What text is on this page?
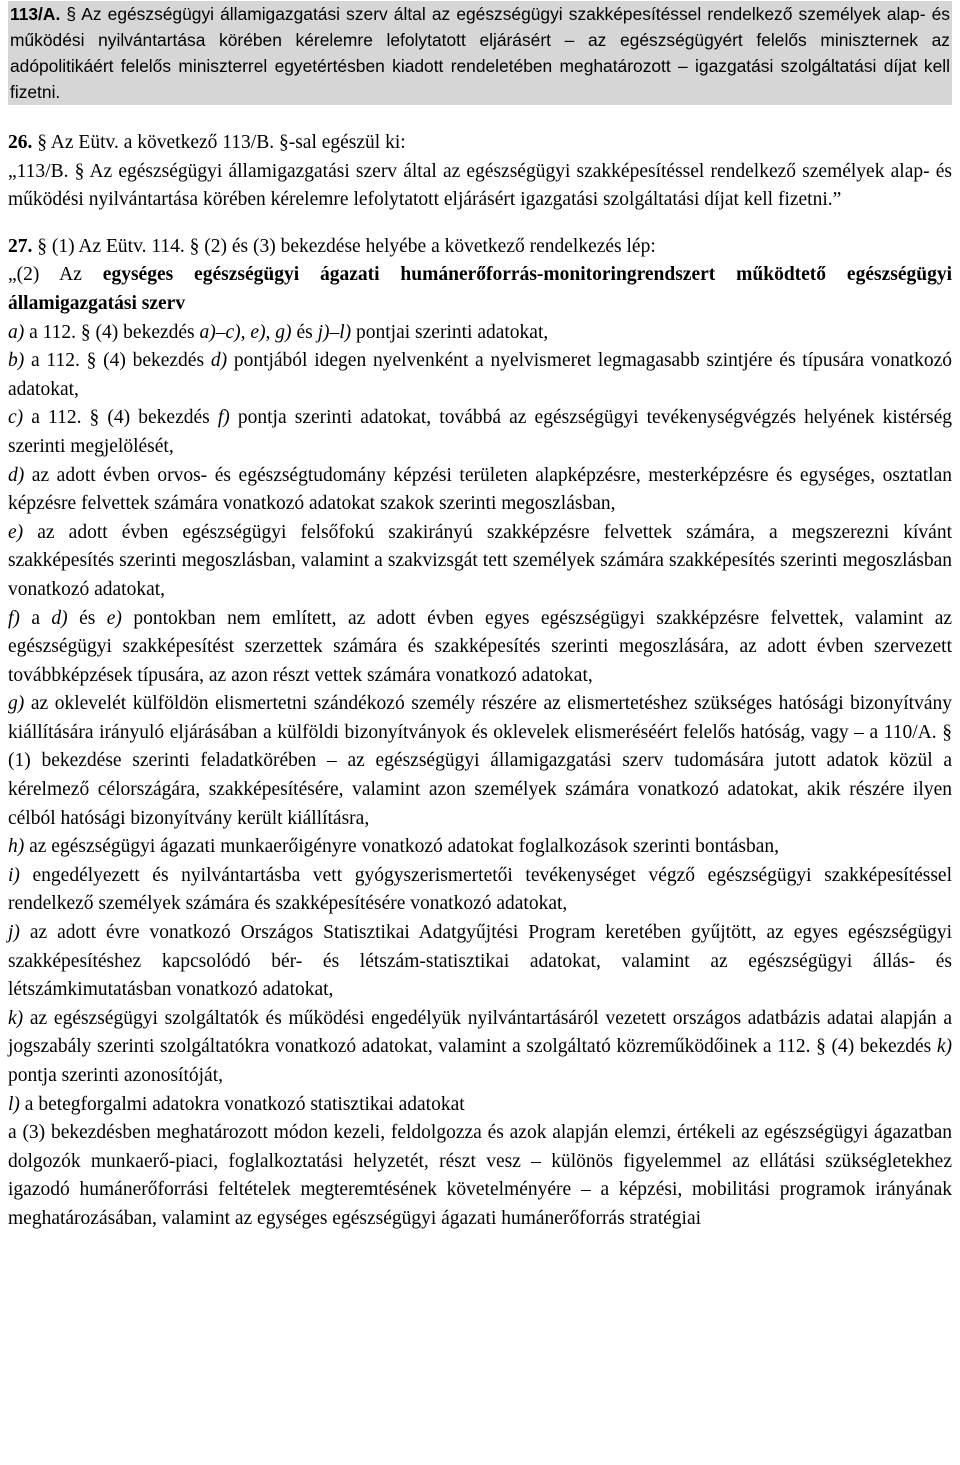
113/A. § Az egészségügyi államigazgatási szerv által az egészségügyi szakképesítéssel rendelkező személyek alap- és működési nyilvántartása körében kérelemre lefolytatott eljárásért – az egészségügyért felelős miniszternek az adópolitikáért felelős miniszterrel egyetértésben kiadott rendeletében meghatározott – igazgatási szolgáltatási díjat kell fizetni.

26. § Az Eütv. a következő 113/B. §-sal egészül ki:

„113/B. § Az egészségügyi államigazgatási szerv által az egészségügyi szakképesítéssel rendelkező személyek alap- és működési nyilvántartása körében kérelemre lefolytatott eljárásért igazgatási szolgáltatási díjat kell fizetni.”

27. § (1) Az Eütv. 114. § (2) és (3) bekezdése helyébe a következő rendelkezés lép:

„(2) Az egységes egészségügyi ágazati humánerőforrás-monitoringrendszert működtető egészségügyi államigazgatási szerv

a) a 112. § (4) bekezdés a)–c), e), g) és j)–l) pontjai szerinti adatokat,

b) a 112. § (4) bekezdés d) pontjából idegen nyelvenként a nyelvismeret legmagasabb szintjére és típusára vonatkozó adatokat,

c) a 112. § (4) bekezdés f) pontja szerinti adatokat, továbbá az egészségügyi tevékenységvégzés helyének kistérség szerinti megjelölését,

d) az adott évben orvos- és egészségtudomány képzési területen alapképzésre, mesterképzésre és egységes, osztatlan képzésre felvettek számára vonatkozó adatokat szakok szerinti megoszlásban,

e) az adott évben egészségügyi felsőfokú szakirányú szakképzésre felvettek számára, a megszerezni kívánt szakképesítés szerinti megoszlásban, valamint a szakvizsgát tett személyek számára szakképesítés szerinti megoszlásban vonatkozó adatokat,

f) a d) és e) pontokban nem említett, az adott évben egyes egészségügyi szakképzésre felvettek, valamint az egészségügyi szakképesítést szerzettek számára és szakképesítés szerinti megoszlására, az adott évben szervezett továbbképzések típusára, az azon részt vettek számára vonatkozó adatokat,

g) az oklevelét külföldön elismertetni szándékozó személy részére az elismertetéshez szükséges hatósági bizonyítvány kiállítására irányuló eljárásában a külföldi bizonyítványok és oklevelek elismeréséért felelős hatóság, vagy – a 110/A. § (1) bekezdése szerinti feladatkörében – az egészségügyi államigazgatási szerv tudomására jutott adatok közül a kérelmező célországára, szakképesítésére, valamint azon személyek számára vonatkozó adatokat, akik részére ilyen célból hatósági bizonyítvány került kiállításra,

h) az egészségügyi ágazati munkaerőigényre vonatkozó adatokat foglalkozások szerinti bontásban,

i) engedélyezett és nyilvántartásba vett gyógyszerismertetői tevékenységet végző egészségügyi szakképesítéssel rendelkező személyek számára és szakképesítésére vonatkozó adatokat,

j) az adott évre vonatkozó Országos Statisztikai Adatgyűjtési Program keretében gyűjtött, az egyes egészségügyi szakképesítéshez kapcsolódó bér- és létszám-statisztikai adatokat, valamint az egészségügyi állás- és létszámkimutatásban vonatkozó adatokat,

k) az egészségügyi szolgáltatók és működési engedélyük nyilvántartásáról vezetett országos adatbázis adatai alapján a jogszabály szerinti szolgáltatókra vonatkozó adatokat, valamint a szolgáltató közreműködőinek a 112. § (4) bekezdés k) pontja szerinti azonosítóját,

l) a betegforgalmi adatokra vonatkozó statisztikai adatokat

a (3) bekezdésben meghatározott módon kezeli, feldolgozza és azok alapján elemzi, értékeli az egészségügyi ágazatban dolgozók munkaerő-piaci, foglalkoztatási helyzetét, részt vesz – különös figyelemmel az ellátási szükségletekhez igazodó humánerőforrási feltételek megteremtésének követelményére – a képzési, mobilitási programok irányának meghatározásában, valamint az egységes egészségügyi ágazati humánerőforrás stratégiai
